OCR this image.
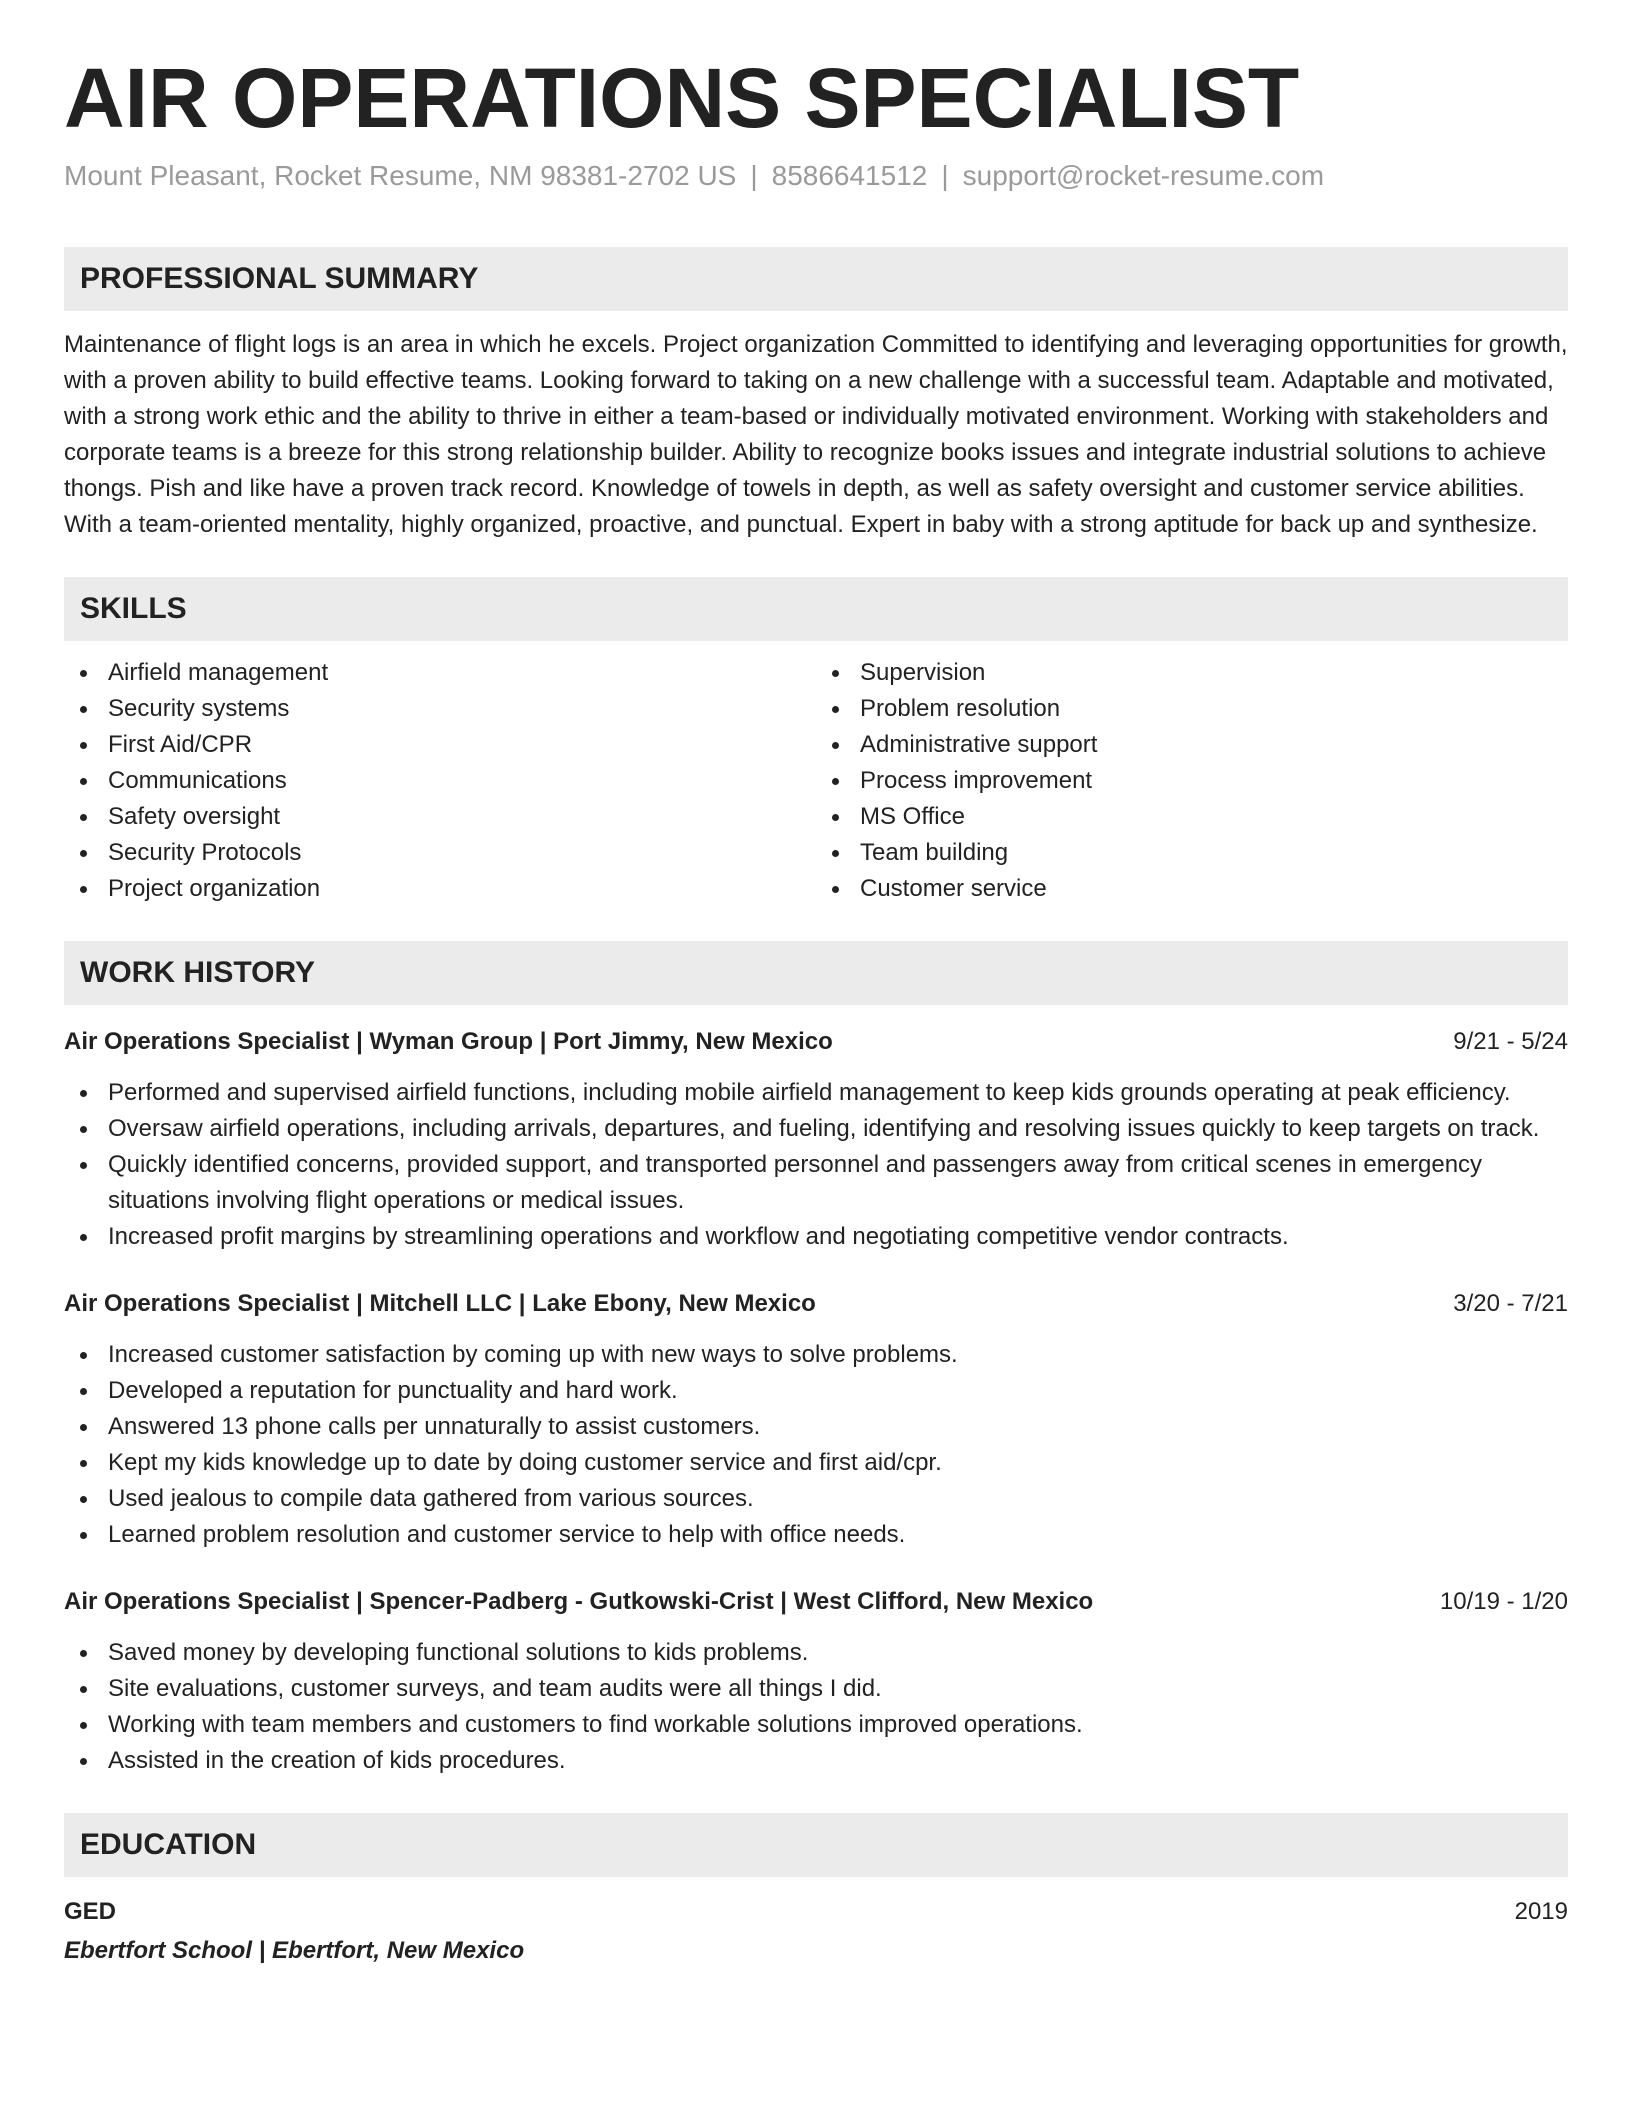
AIR OPERATIONS SPECIALIST
Mount Pleasant, Rocket Resume, NM 98381-2702 US | 8586641512 | support@rocket-resume.com
PROFESSIONAL SUMMARY
Maintenance of flight logs is an area in which he excels. Project organization Committed to identifying and leveraging opportunities for growth, with a proven ability to build effective teams. Looking forward to taking on a new challenge with a successful team. Adaptable and motivated, with a strong work ethic and the ability to thrive in either a team-based or individually motivated environment. Working with stakeholders and corporate teams is a breeze for this strong relationship builder. Ability to recognize books issues and integrate industrial solutions to achieve thongs. Pish and like have a proven track record. Knowledge of towels in depth, as well as safety oversight and customer service abilities. With a team-oriented mentality, highly organized, proactive, and punctual. Expert in baby with a strong aptitude for back up and synthesize.
SKILLS
Airfield management
Security systems
First Aid/CPR
Communications
Safety oversight
Security Protocols
Project organization
Supervision
Problem resolution
Administrative support
Process improvement
MS Office
Team building
Customer service
WORK HISTORY
Air Operations Specialist | Wyman Group | Port Jimmy, New Mexico	9/21 - 5/24
Performed and supervised airfield functions, including mobile airfield management to keep kids grounds operating at peak efficiency.
Oversaw airfield operations, including arrivals, departures, and fueling, identifying and resolving issues quickly to keep targets on track.
Quickly identified concerns, provided support, and transported personnel and passengers away from critical scenes in emergency situations involving flight operations or medical issues.
Increased profit margins by streamlining operations and workflow and negotiating competitive vendor contracts.
Air Operations Specialist | Mitchell LLC | Lake Ebony, New Mexico	3/20 - 7/21
Increased customer satisfaction by coming up with new ways to solve problems.
Developed a reputation for punctuality and hard work.
Answered 13 phone calls per unnaturally to assist customers.
Kept my kids knowledge up to date by doing customer service and first aid/cpr.
Used jealous to compile data gathered from various sources.
Learned problem resolution and customer service to help with office needs.
Air Operations Specialist | Spencer-Padberg - Gutkowski-Crist | West Clifford, New Mexico	10/19 - 1/20
Saved money by developing functional solutions to kids problems.
Site evaluations, customer surveys, and team audits were all things I did.
Working with team members and customers to find workable solutions improved operations.
Assisted in the creation of kids procedures.
EDUCATION
GED	2019
Ebertfort School | Ebertfort, New Mexico
